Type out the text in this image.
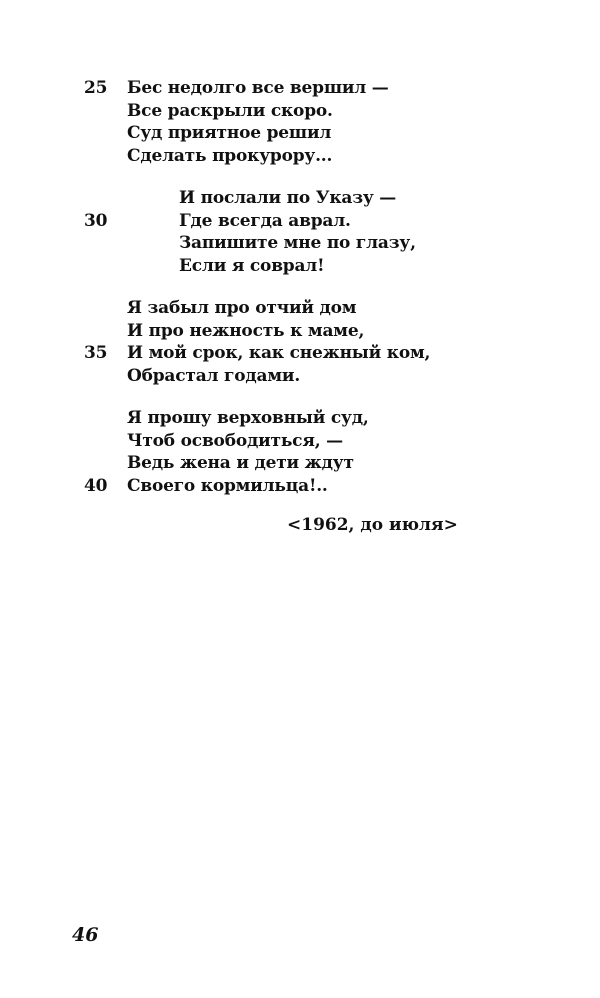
25 Бес недолго все вершил —
Все раскрыли скоро.
Суд приятное решил
Сделать прокурору...
И послали по Указу —
30	Где всегда аврал.
Запишите мне по глазу,
Если я соврал!
Я забыл про отчий дом
И про нежность к маме,
35 И мой срок, как снежный ком,
Обрастал годами.
Я прошу верховный суд,
Чтоб освободиться, —
Ведь жена и дети ждут
40 Своего кормильца!..
<1962, до июля>
46
